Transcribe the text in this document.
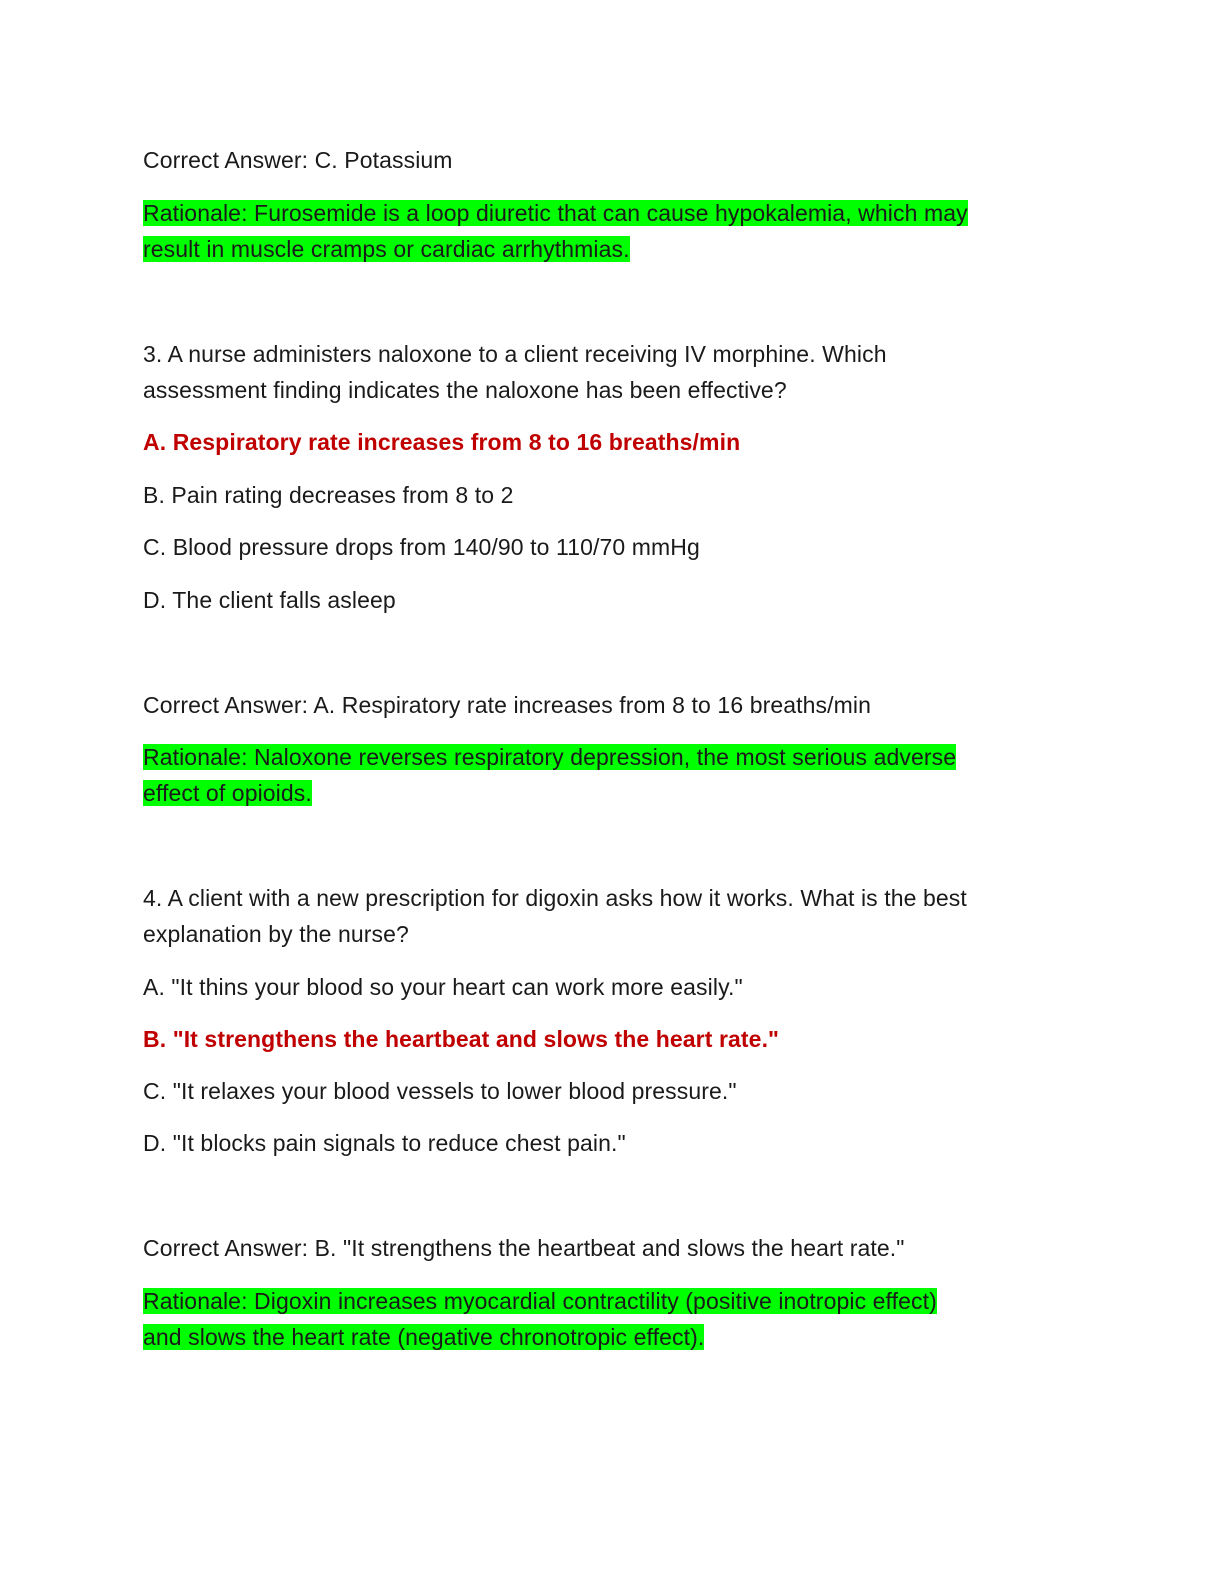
Correct Answer: C. Potassium
Rationale: Furosemide is a loop diuretic that can cause hypokalemia, which may
result in muscle cramps or cardiac arrhythmias.
3. A nurse administers naloxone to a client receiving IV morphine. Which
assessment finding indicates the naloxone has been effective?
A. Respiratory rate increases from 8 to 16 breaths/min
B. Pain rating decreases from 8 to 2
C. Blood pressure drops from 140/90 to 110/70 mmHg
D. The client falls asleep
Correct Answer: A. Respiratory rate increases from 8 to 16 breaths/min
Rationale: Naloxone reverses respiratory depression, the most serious adverse
effect of opioids.
4. A client with a new prescription for digoxin asks how it works. What is the best
explanation by the nurse?
A. "It thins your blood so your heart can work more easily."
B. "It strengthens the heartbeat and slows the heart rate."
C. "It relaxes your blood vessels to lower blood pressure."
D. "It blocks pain signals to reduce chest pain."
Correct Answer: B. "It strengthens the heartbeat and slows the heart rate."
Rationale: Digoxin increases myocardial contractility (positive inotropic effect)
and slows the heart rate (negative chronotropic effect).
